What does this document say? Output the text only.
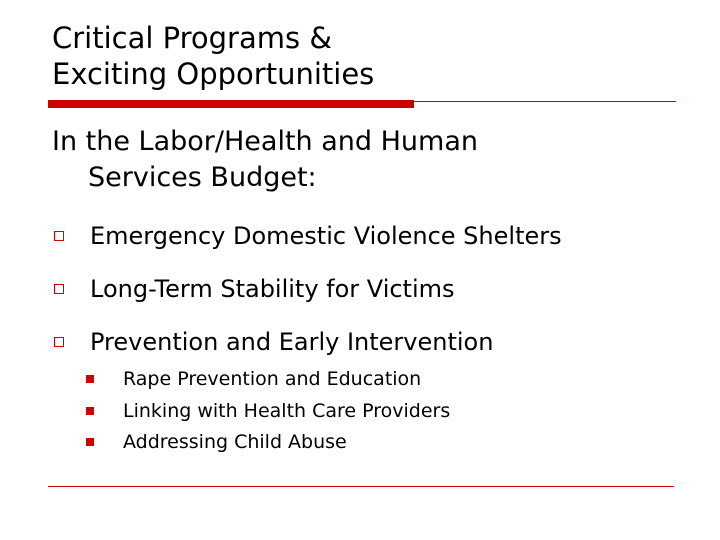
Critical Programs &
Exciting Opportunities
In the Labor/Health and Human
Services Budget:
Emergency Domestic Violence Shelters
Long-Term Stability for Victims
Prevention and Early Intervention
Rape Prevention and Education
Linking with Health Care Providers
Addressing Child Abuse
